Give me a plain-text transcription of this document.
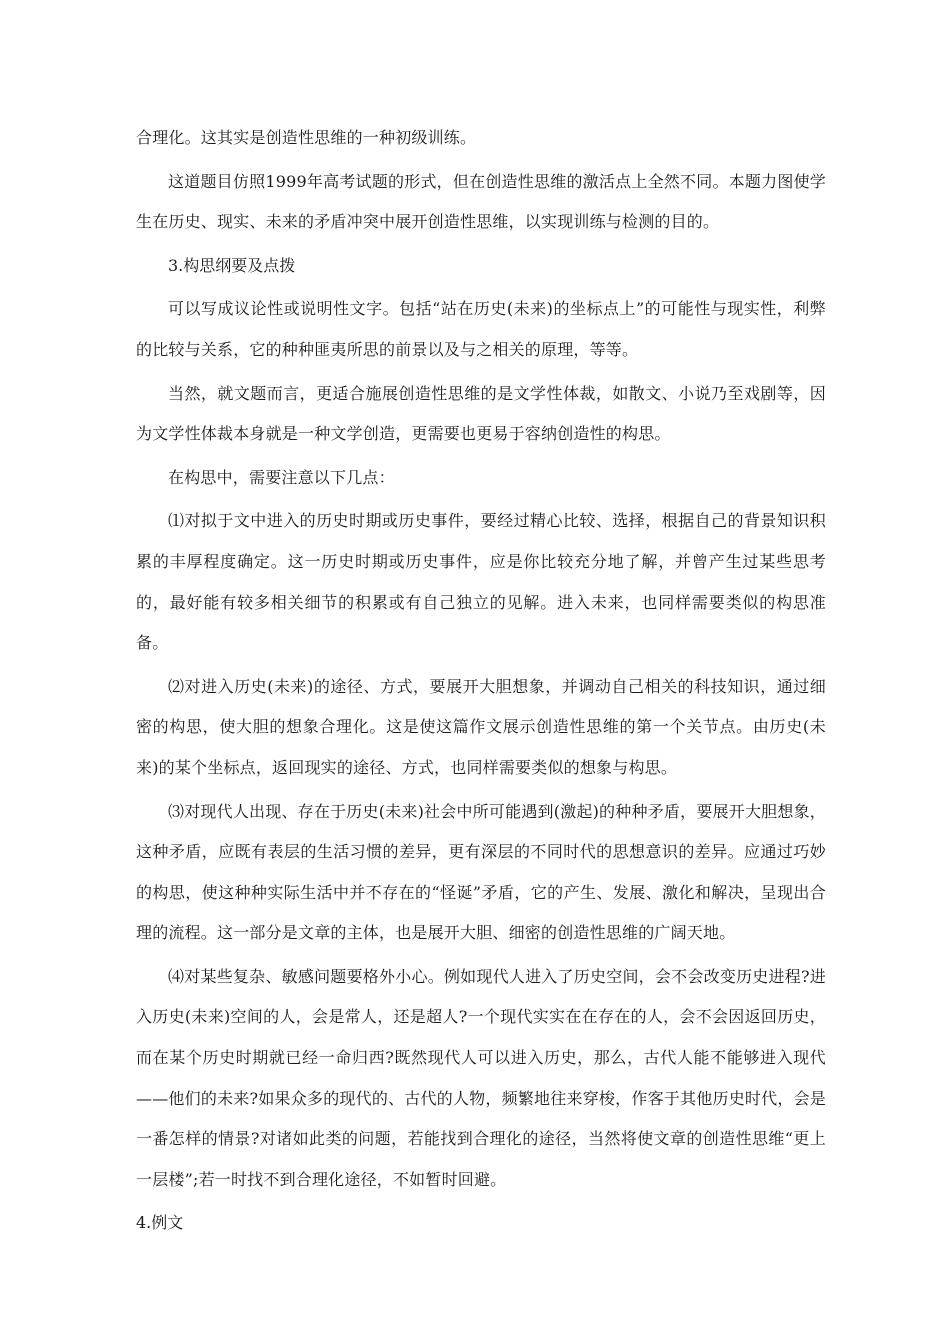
合理化。这其实是创造性思维的一种初级训练。

这道题目仿照1999年高考试题的形式，但在创造性思维的激活点上全然不同。本题力图使学生在历史、现实、未来的矛盾冲突中展开创造性思维，以实现训练与检测的目的。

3.构思纲要及点拨

可以写成议论性或说明性文字。包括“站在历史(未来)的坐标点上”的可能性与现实性，利弊的比较与关系，它的种种匪夷所思的前景以及与之相关的原理，等等。

当然，就文题而言，更适合施展创造性思维的是文学性体裁，如散文、小说乃至戏剧等，因为文学性体裁本身就是一种文学创造，更需要也更易于容纳创造性的构思。

在构思中，需要注意以下几点：

⑴对拟于文中进入的历史时期或历史事件，要经过精心比较、选择，根据自己的背景知识积累的丰厚程度确定。这一历史时期或历史事件，应是你比较充分地了解，并曾产生过某些思考的，最好能有较多相关细节的积累或有自己独立的见解。进入未来，也同样需要类似的构思准备。

⑵对进入历史(未来)的途径、方式，要展开大胆想象，并调动自己相关的科技知识，通过细密的构思，使大胆的想象合理化。这是使这篇作文展示创造性思维的第一个关节点。由历史(未来)的某个坐标点，返回现实的途径、方式，也同样需要类似的想象与构思。

⑶对现代人出现、存在于历史(未来)社会中所可能遇到(激起)的种种矛盾，要展开大胆想象，这种矛盾，应既有表层的生活习惯的差异，更有深层的不同时代的思想意识的差异。应通过巧妙的构思，使这种种实际生活中并不存在的“怪诞”矛盾，它的产生、发展、激化和解决，呈现出合理的流程。这一部分是文章的主体，也是展开大胆、细密的创造性思维的广阔天地。

⑷对某些复杂、敏感问题要格外小心。例如现代人进入了历史空间，会不会改变历史进程?进入历史(未来)空间的人，会是常人，还是超人?一个现代实实在在存在的人，会不会因返回历史，而在某个历史时期就已经一命归西?既然现代人可以进入历史，那么，古代人能不能够进入现代——他们的未来?如果众多的现代的、古代的人物，频繁地往来穿梭，作客于其他历史时代，会是一番怎样的情景?对诸如此类的问题，若能找到合理化的途径，当然将使文章的创造性思维“更上一层楼”;若一时找不到合理化途径，不如暂时回避。

4.例文
